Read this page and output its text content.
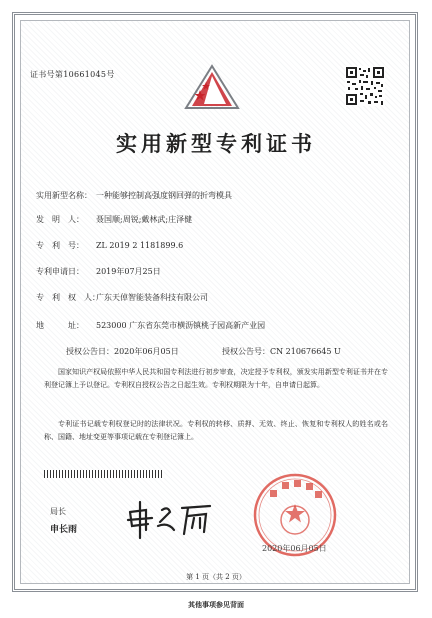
证书号第10661045号
实用新型专利证书
实用新型名称： 一种能够控制高强度钢回弹的折弯模具
发　明　人： 聂国顺;周锐;戴林武;庄泽健
专　利　号： ZL 2019 2 1181899.6
专利申请日： 2019年07月25日
专　利　权　人：广东天倬智能装备科技有限公司
地　　　址： 523000 广东省东莞市横沥镇桃子园高新产业园
授权公告日：2020年06月05日	授权公告号：CN 210676645 U
国家知识产权局依照中华人民共和国专利法进行初步审查，决定授予专利权，颁发实用新型专利证书并在专利登记簿上予以登记。专利权自授权公告之日起生效。专利权期限为十年，自申请日起算。
专利证书记载专利权登记时的法律状况。专利权的转移、质押、无效、终止、恢复和专利权人的姓名或名称、国籍、地址变更等事项记载在专利登记簿上。
局长
申长雨
2020年06月05日
第 1 页（共 2 页）
其他事项参见背面
